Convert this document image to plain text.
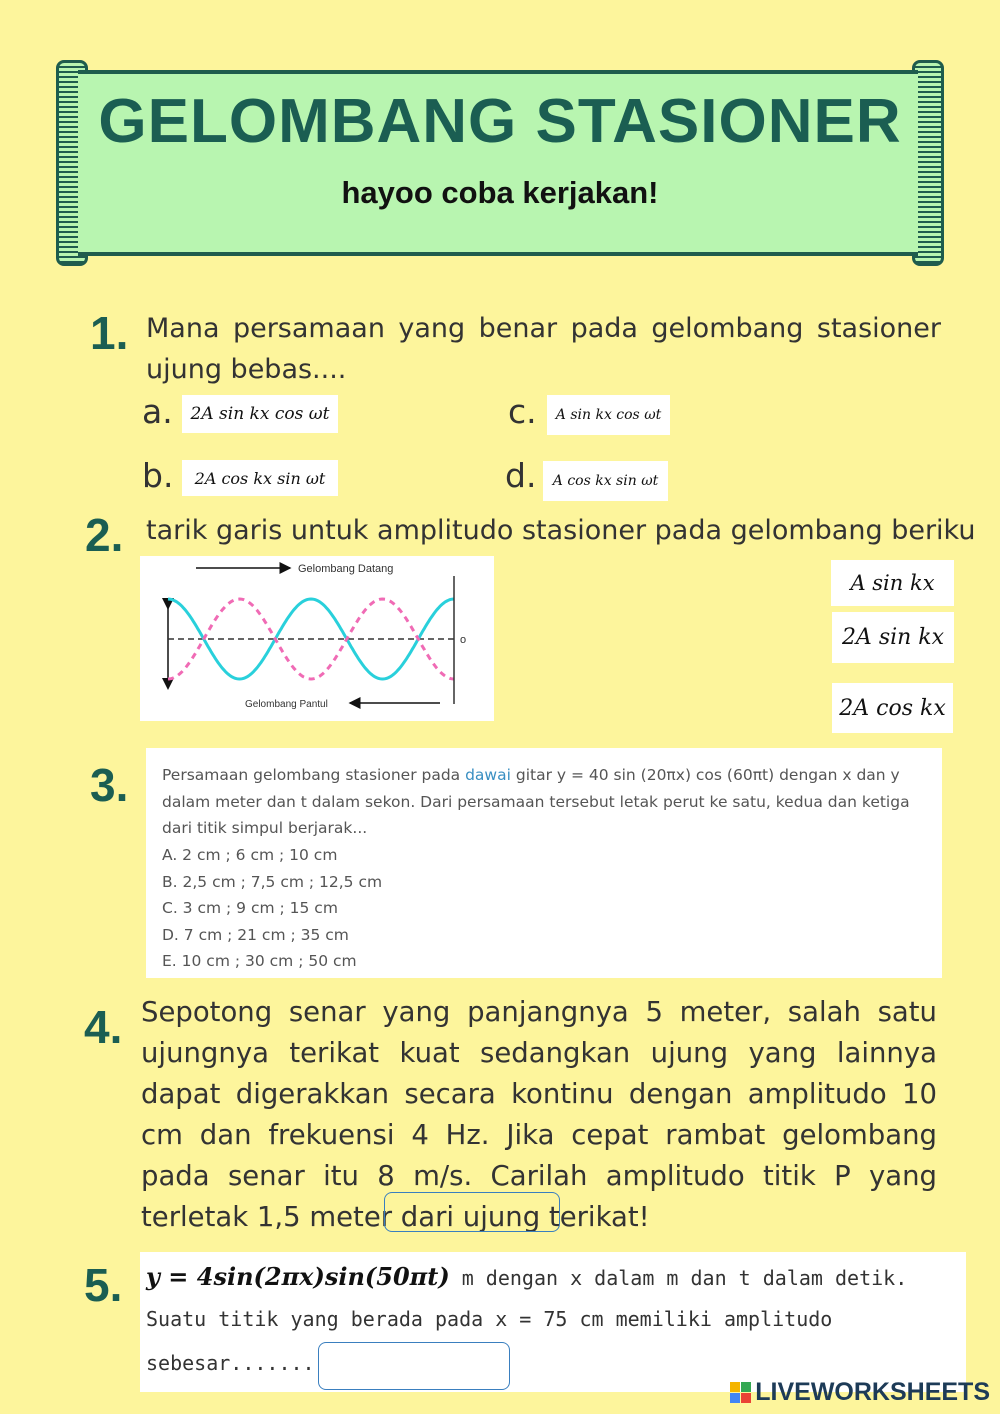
GELOMBANG STASIONER
hayoo coba kerjakan!
1. Mana persamaan yang benar pada gelombang stasioner ujung bebas....
a.	2A sin kx cos ωt
b.	2A cos kx sin ωt
c.	A sin kx cos ωt
d.	A cos kx sin ωt
2. tarik garis untuk amplitudo stasioner pada gelombang beriku
Gelombang Datang
o
Gelombang Pantul
A sin kx
2A sin kx
2A cos kx
3. Persamaan gelombang stasioner pada dawai gitar y = 40 sin (20πx) cos (60πt) dengan x dan y dalam meter dan t dalam sekon. Dari persamaan tersebut letak perut ke satu, kedua dan ketiga dari titik simpul berjarak...
A. 2 cm ; 6 cm ; 10 cm
B. 2,5 cm ; 7,5 cm ; 12,5 cm
C. 3 cm ; 9 cm ; 15 cm
D. 7 cm ; 21 cm ; 35 cm
E. 10 cm ; 30 cm ; 50 cm
4. Sepotong senar yang panjangnya 5 meter, salah satu ujungnya terikat kuat sedangkan ujung yang lainnya dapat digerakkan secara kontinu dengan amplitudo 10 cm dan frekuensi 4 Hz. Jika cepat rambat gelombang pada senar itu 8 m/s. Carilah amplitudo titik P yang terletak 1,5 meter dari ujung terikat!
5. y = 4sin(2πx)sin(50πt) m dengan x dalam m dan t dalam detik.
Suatu titik yang berada pada x = 75 cm memiliki amplitudo
sebesar.......
LIVEWORKSHEETS
